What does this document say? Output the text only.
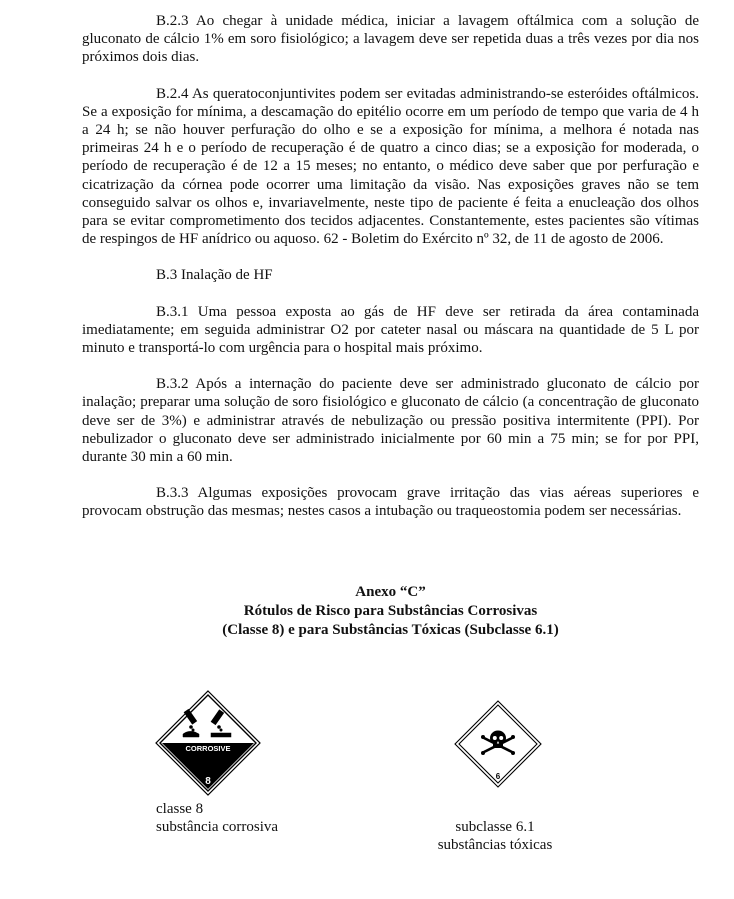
B.2.3 Ao chegar à unidade médica, iniciar a lavagem oftálmica com a solução de gluconato de cálcio 1% em soro fisiológico; a lavagem deve ser repetida duas a três vezes por dia nos próximos dois dias.

B.2.4 As queratoconjuntivites podem ser evitadas administrando-se esteróides oftálmicos. Se a exposição for mínima, a descamação do epitélio ocorre em um período de tempo que varia de 4 h a 24 h; se não houver perfuração do olho e se a exposição for mínima, a melhora é notada nas primeiras 24 h e o período de recuperação é de quatro a cinco dias; se a exposição for moderada, o período de recuperação é de 12 a 15 meses; no entanto, o médico deve saber que por perfuração e cicatrização da córnea pode ocorrer uma limitação da visão. Nas exposições graves não se tem conseguido salvar os olhos e, invariavelmente, neste tipo de paciente é feita a enucleação dos olhos para se evitar comprometimento dos tecidos adjacentes. Constantemente, estes pacientes são vítimas de respingos de HF anídrico ou aquoso. 62 - Boletim do Exército nº 32, de 11 de agosto de 2006.

B.3 Inalação de HF

B.3.1 Uma pessoa exposta ao gás de HF deve ser retirada da área contaminada imediatamente; em seguida administrar O2 por cateter nasal ou máscara na quantidade de 5 L por minuto e transportá-lo com urgência para o hospital mais próximo.

B.3.2 Após a internação do paciente deve ser administrado gluconato de cálcio por inalação; preparar uma solução de soro fisiológico e gluconato de cálcio (a concentração de gluconato deve ser de 3%) e administrar através de nebulização ou pressão positiva intermitente (PPI). Por nebulizador o gluconato deve ser administrado inicialmente por 60 min a 75 min; se for por PPI, durante 30 min a 60 min.

B.3.3 Algumas exposições provocam grave irritação das vias aéreas superiores e provocam obstrução das mesmas; nestes casos a intubação ou traqueostomia podem ser necessárias.

Anexo “C”
Rótulos de Risco para Substâncias Corrosivas
(Classe 8) e para Substâncias Tóxicas (Subclasse 6.1)
CORROSIVE
8	6
classe 8
substância corrosiva	subclasse 6.1
substâncias tóxicas
